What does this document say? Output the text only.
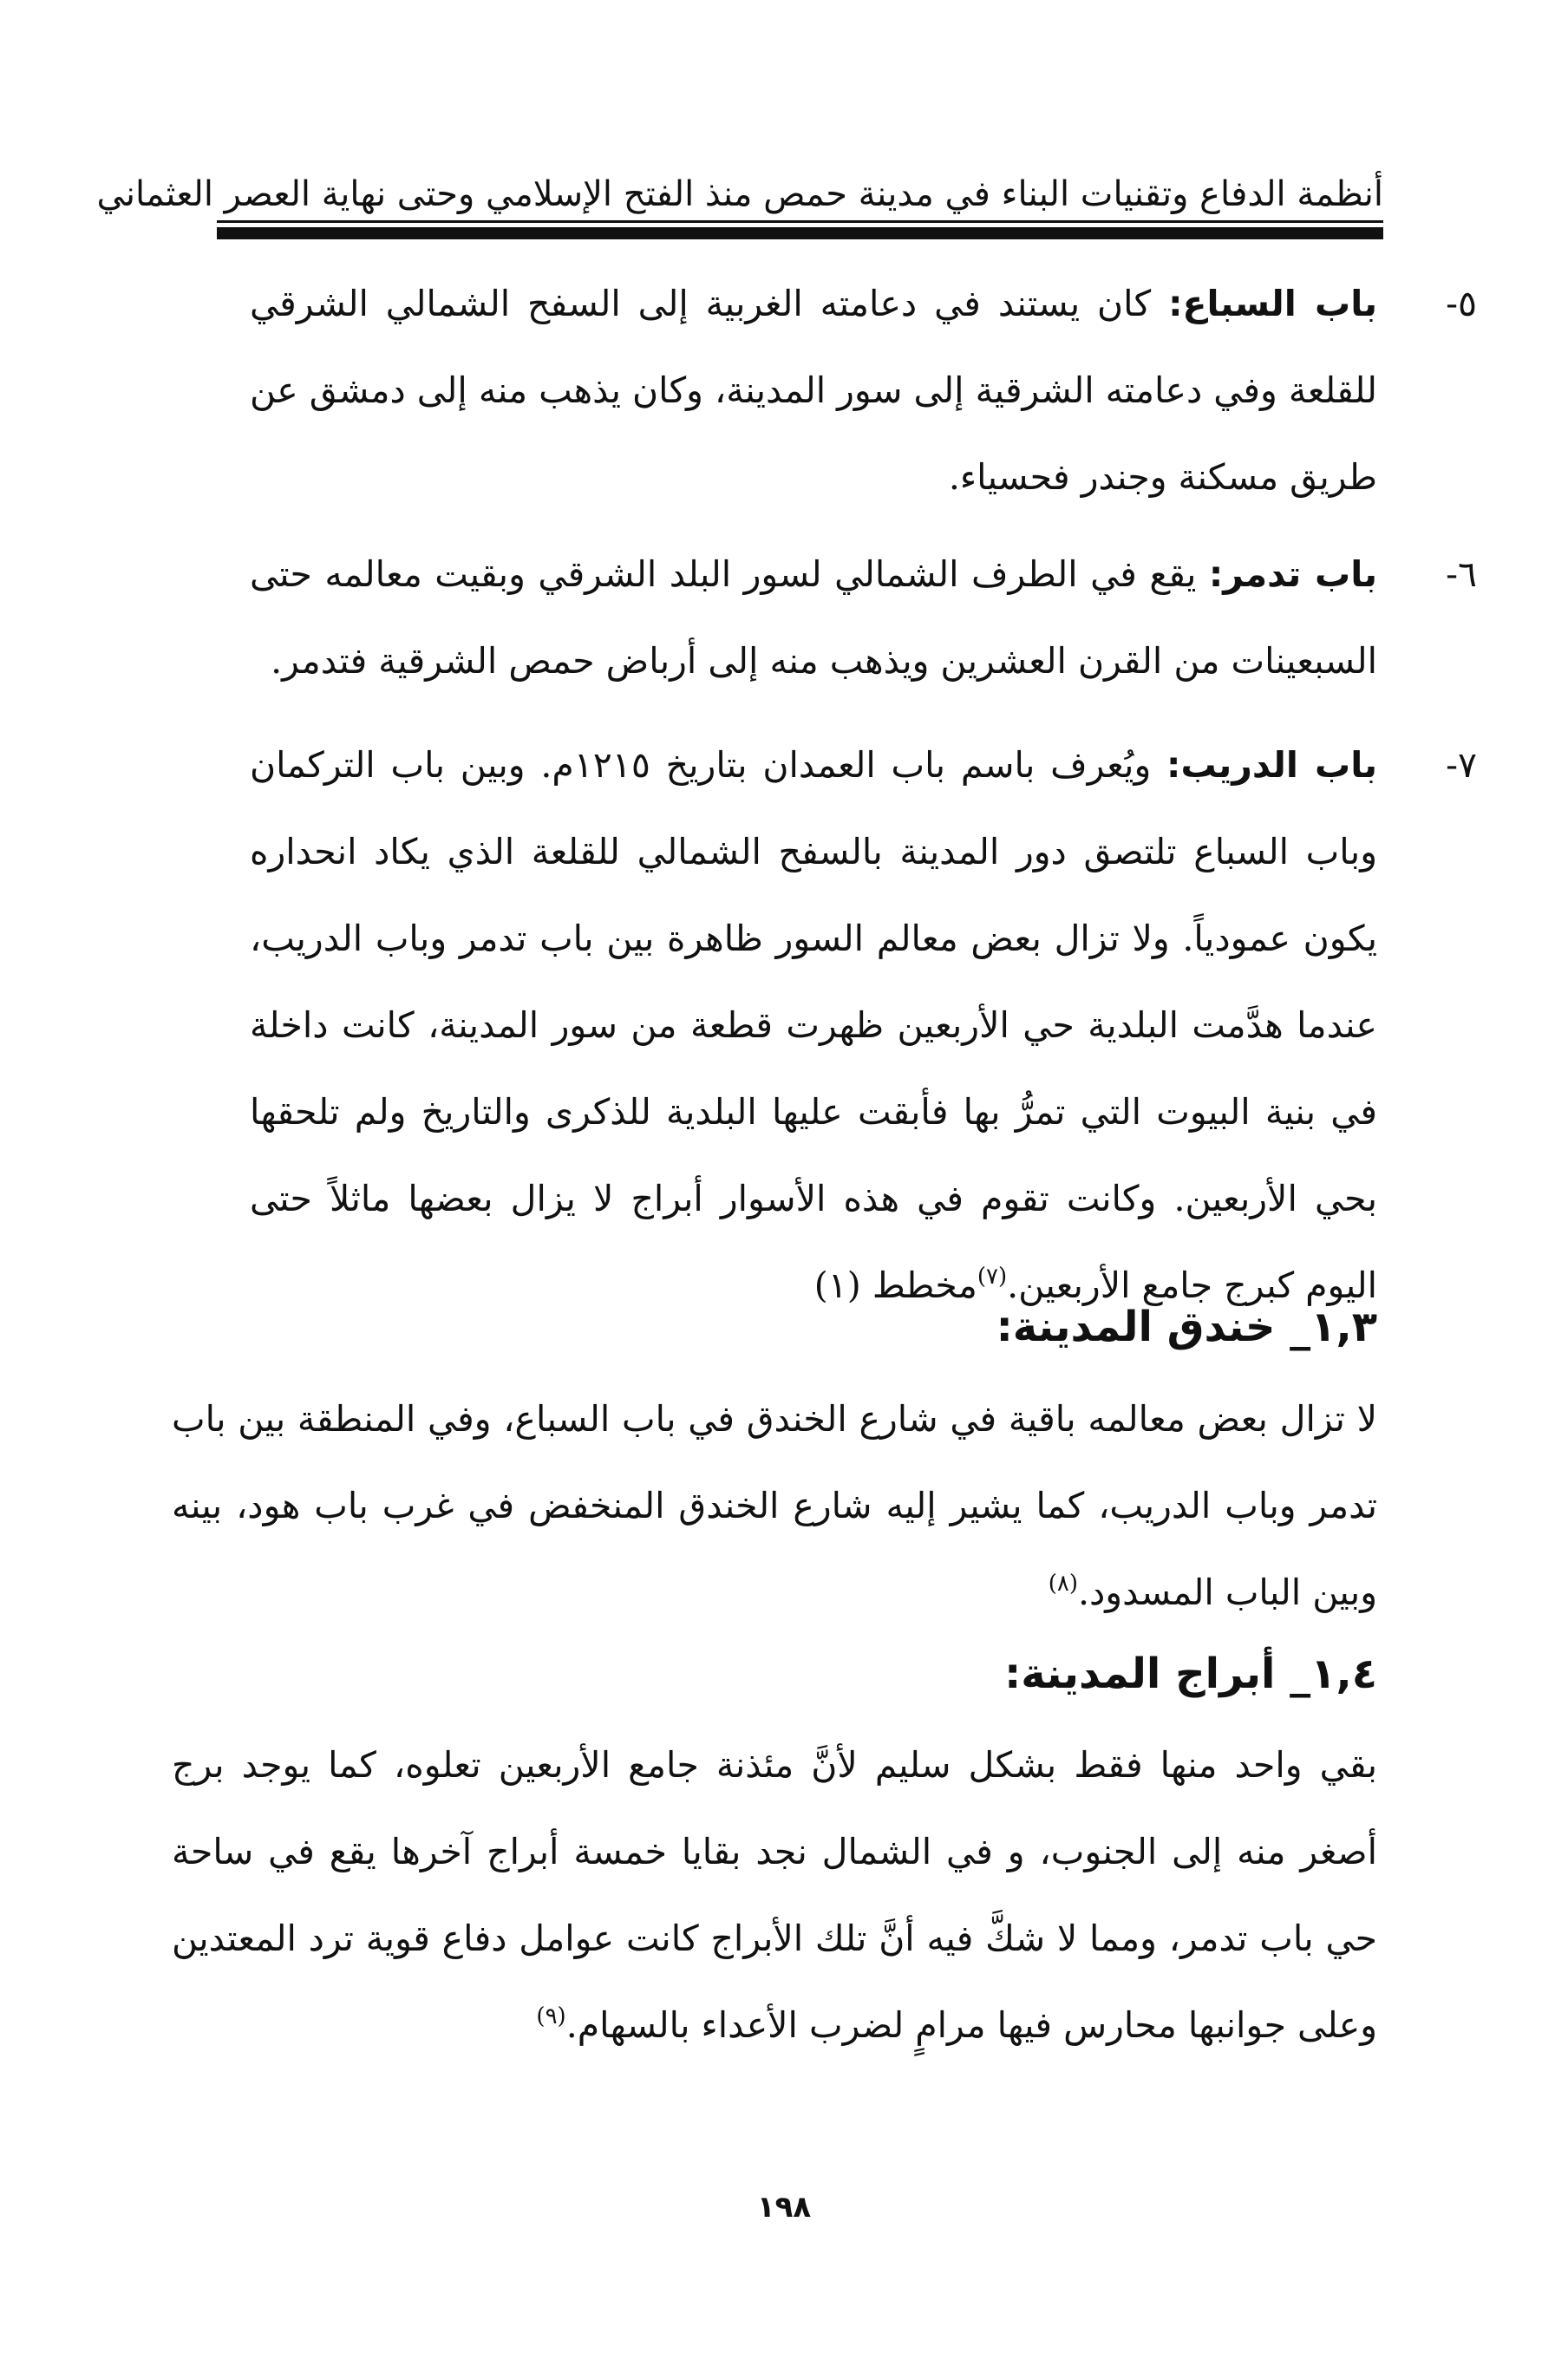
أنظمة الدفاع وتقنيات البناء في مدينة حمص منذ الفتح الإسلامي وحتى نهاية العصر العثماني
٥-

باب السباع: كان يستند في دعامته الغربية إلى السفح الشمالي الشرقي للقلعة وفي دعامته الشرقية إلى سور المدينة، وكان يذهب منه إلى دمشق عن طريق مسكنة وجندر فحسياء.

٦-

باب تدمر: يقع في الطرف الشمالي لسور البلد الشرقي وبقيت معالمه حتى السبعينات من القرن العشرين ويذهب منه إلى أرباض حمص الشرقية فتدمر.

٧-

باب الدريب: ويُعرف باسم باب العمدان بتاريخ ١٢١٥م. وبين باب التركمان وباب السباع تلتصق دور المدينة بالسفح الشمالي للقلعة الذي يكاد انحداره يكون عمودياً. ولا تزال بعض معالم السور ظاهرة بين باب تدمر وباب الدريب، عندما هدَّمت البلدية حي الأربعين ظهرت قطعة من سور المدينة، كانت داخلة في بنية البيوت التي تمرُّ بها فأبقت عليها البلدية للذكرى والتاريخ ولم تلحقها بحي الأربعين. وكانت تقوم في هذه الأسوار أبراج لا يزال بعضها ماثلاً حتى اليوم كبرج جامع الأربعين.$^{(٧)}$مخطط (١)

١,٣_ خندق المدينة:

لا تزال بعض معالمه باقية في شارع الخندق في باب السباع، وفي المنطقة بين باب تدمر وباب الدريب، كما يشير إليه شارع الخندق المنخفض في غرب باب هود، بينه وبين الباب المسدود.$^{(٨)}$

١,٤_ أبراج المدينة:

بقي واحد منها فقط بشكل سليم لأنَّ مئذنة جامع الأربعين تعلوه، كما يوجد برج أصغر منه إلى الجنوب، و في الشمال نجد بقايا خمسة أبراج آخرها يقع في ساحة حي باب تدمر، ومما لا شكَّ فيه أنَّ تلك الأبراج كانت عوامل دفاع قوية ترد المعتدين وعلى جوانبها محارس فيها مرامٍ لضرب الأعداء بالسهام.$^{(٩)}$

١٩٨
